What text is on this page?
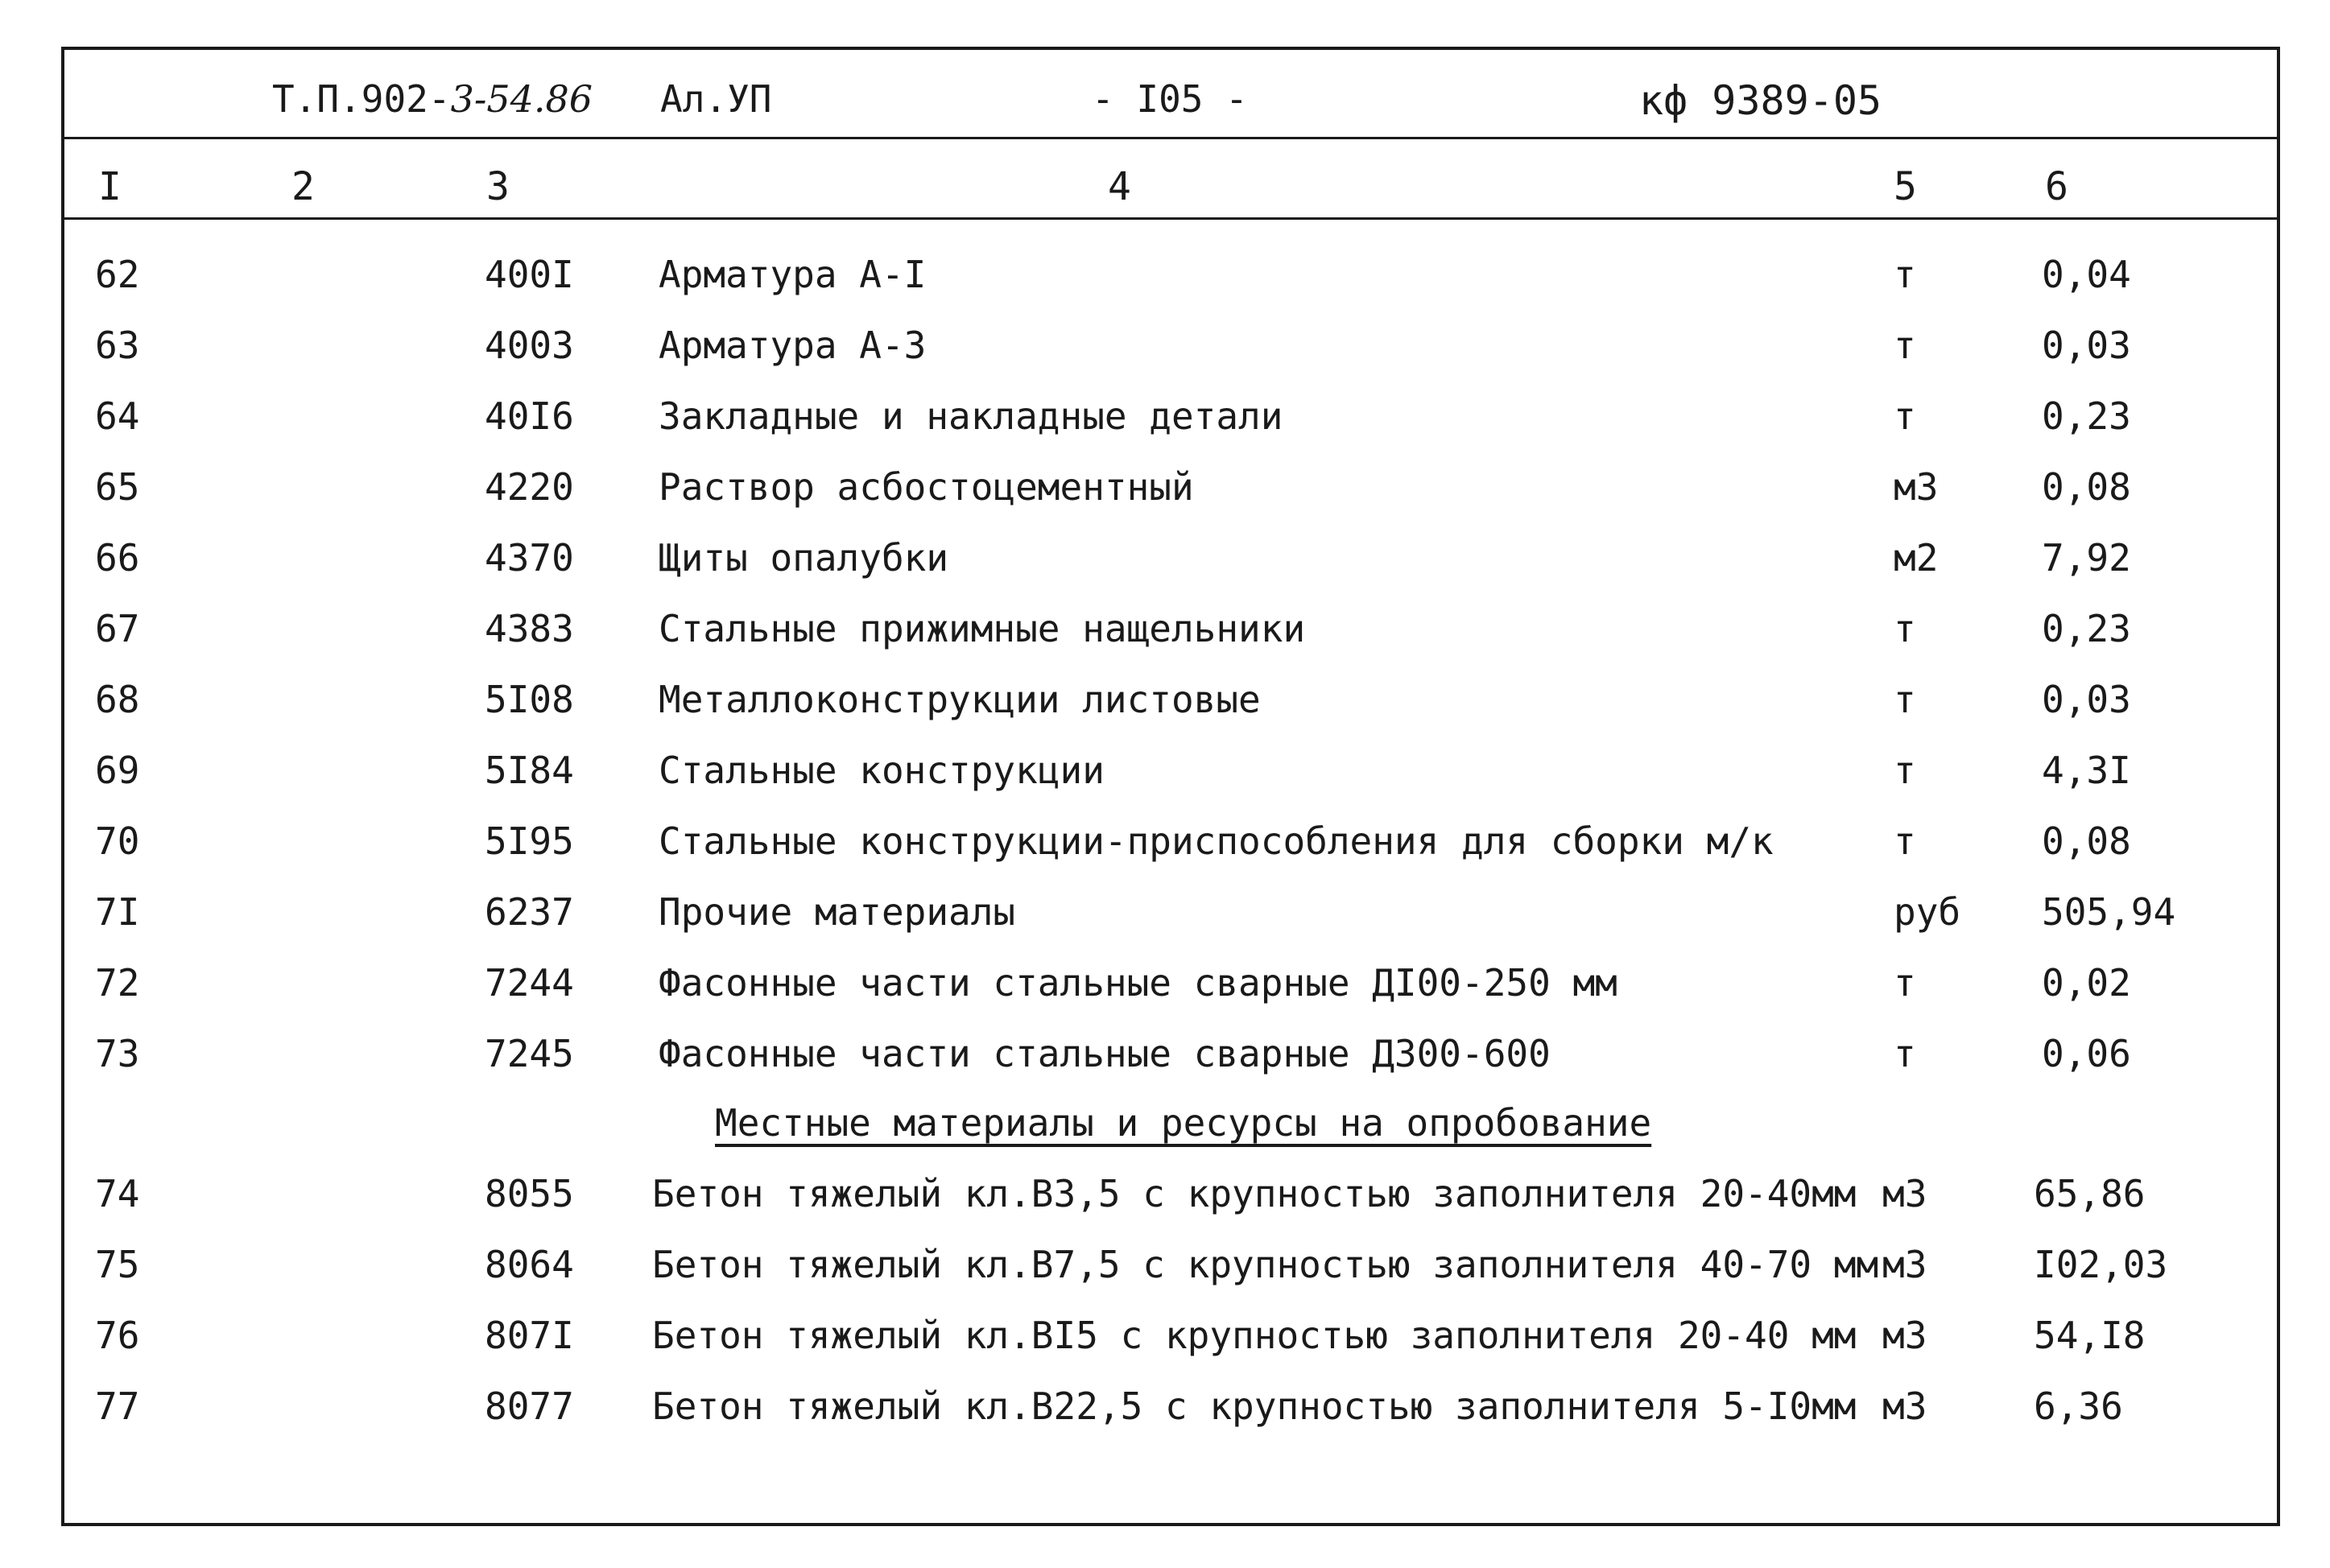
Т.П.902-3-54.86 Ал.УП	- I05 -	кф 9389-05
I	2	3	4	5	6
62	400I Арматура А-I	т	0,04
63	4003 Арматура А-3	т	0,03
64	40I6 Закладные и накладные детали	т	0,23
65	4220 Раствор асбостоцементный	м3	0,08
66	4370 Щиты опалубки	м2	7,92
67	4383 Стальные прижимные нащельники	т	0,23
68	5I08 Металлоконструкции листовые	т	0,03
69	5I84 Стальные конструкции	т	4,3I
70	5I95 Стальные конструкции-приспособления для сборки м/к	т	0,08
7I	6237 Прочие материалы	руб 505,94
72	7244 Фасонные части стальные сварные ДI00-250 мм	т	0,02
73	7245 Фасонные части стальные сварные Д300-600	т	0,06
Местные материалы и ресурсы на опробование
74	8055 Бетон тяжелый кл.В3,5 с крупностью заполнителя 20-40мм м3	65,86
75	8064 Бетон тяжелый кл.В7,5 с крупностью заполнителя 40-70 мм м3	I02,03
76	807I Бетон тяжелый кл.ВI5 с крупностью заполнителя 20-40 мм м3	54,I8
77	8077 Бетон тяжелый кл.В22,5 с крупностью заполнителя 5-I0мм м3	6,36
